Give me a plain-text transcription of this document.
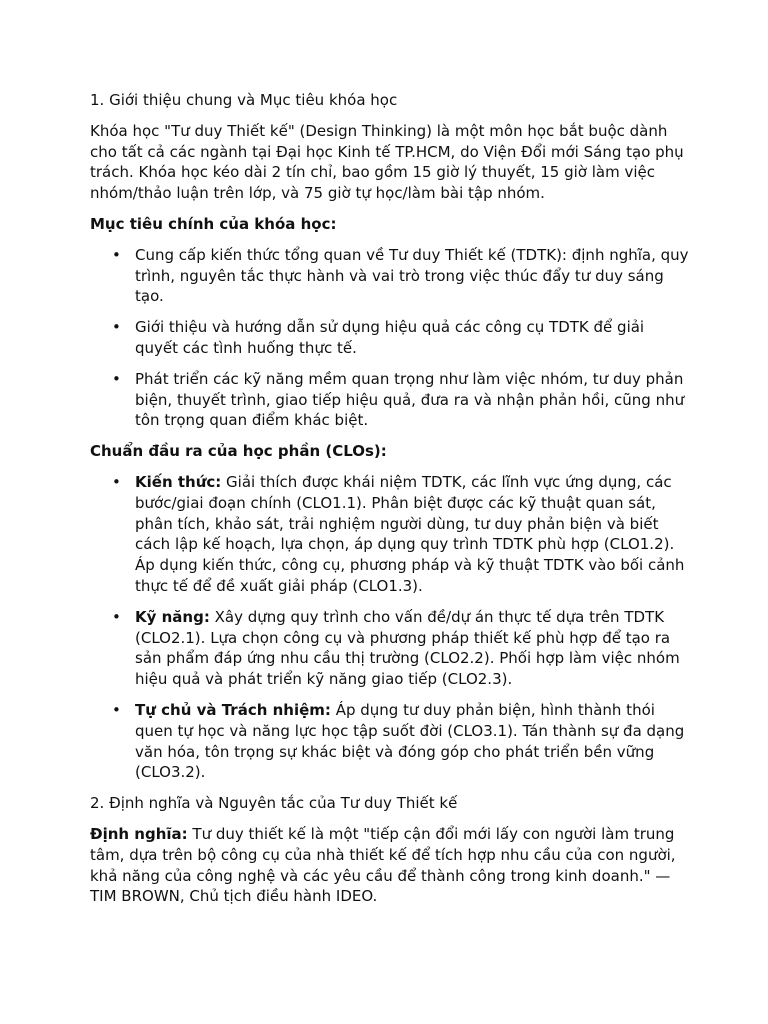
1. Giới thiệu chung và Mục tiêu khóa học

Khóa học "Tư duy Thiết kế" (Design Thinking) là một môn học bắt buộc dành cho tất cả các ngành tại Đại học Kinh tế TP.HCM, do Viện Đổi mới Sáng tạo phụ trách. Khóa học kéo dài 2 tín chỉ, bao gồm 15 giờ lý thuyết, 15 giờ làm việc nhóm/thảo luận trên lớp, và 75 giờ tự học/làm bài tập nhóm.

Mục tiêu chính của khóa học:

• Cung cấp kiến thức tổng quan về Tư duy Thiết kế (TDTK): định nghĩa, quy trình, nguyên tắc thực hành và vai trò trong việc thúc đẩy tư duy sáng tạo.
• Giới thiệu và hướng dẫn sử dụng hiệu quả các công cụ TDTK để giải quyết các tình huống thực tế.
• Phát triển các kỹ năng mềm quan trọng như làm việc nhóm, tư duy phản biện, thuyết trình, giao tiếp hiệu quả, đưa ra và nhận phản hồi, cũng như tôn trọng quan điểm khác biệt.

Chuẩn đầu ra của học phần (CLOs):

• Kiến thức: Giải thích được khái niệm TDTK, các lĩnh vực ứng dụng, các bước/giai đoạn chính (CLO1.1). Phân biệt được các kỹ thuật quan sát, phân tích, khảo sát, trải nghiệm người dùng, tư duy phản biện và biết cách lập kế hoạch, lựa chọn, áp dụng quy trình TDTK phù hợp (CLO1.2). Áp dụng kiến thức, công cụ, phương pháp và kỹ thuật TDTK vào bối cảnh thực tế để đề xuất giải pháp (CLO1.3).
• Kỹ năng: Xây dựng quy trình cho vấn đề/dự án thực tế dựa trên TDTK (CLO2.1). Lựa chọn công cụ và phương pháp thiết kế phù hợp để tạo ra sản phẩm đáp ứng nhu cầu thị trường (CLO2.2). Phối hợp làm việc nhóm hiệu quả và phát triển kỹ năng giao tiếp (CLO2.3).
• Tự chủ và Trách nhiệm: Áp dụng tư duy phản biện, hình thành thói quen tự học và năng lực học tập suốt đời (CLO3.1). Tán thành sự đa dạng văn hóa, tôn trọng sự khác biệt và đóng góp cho phát triển bền vững (CLO3.2).

2. Định nghĩa và Nguyên tắc của Tư duy Thiết kế

Định nghĩa: Tư duy thiết kế là một "tiếp cận đổi mới lấy con người làm trung tâm, dựa trên bộ công cụ của nhà thiết kế để tích hợp nhu cầu của con người, khả năng của công nghệ và các yêu cầu để thành công trong kinh doanh." —TIM BROWN, Chủ tịch điều hành IDEO.
